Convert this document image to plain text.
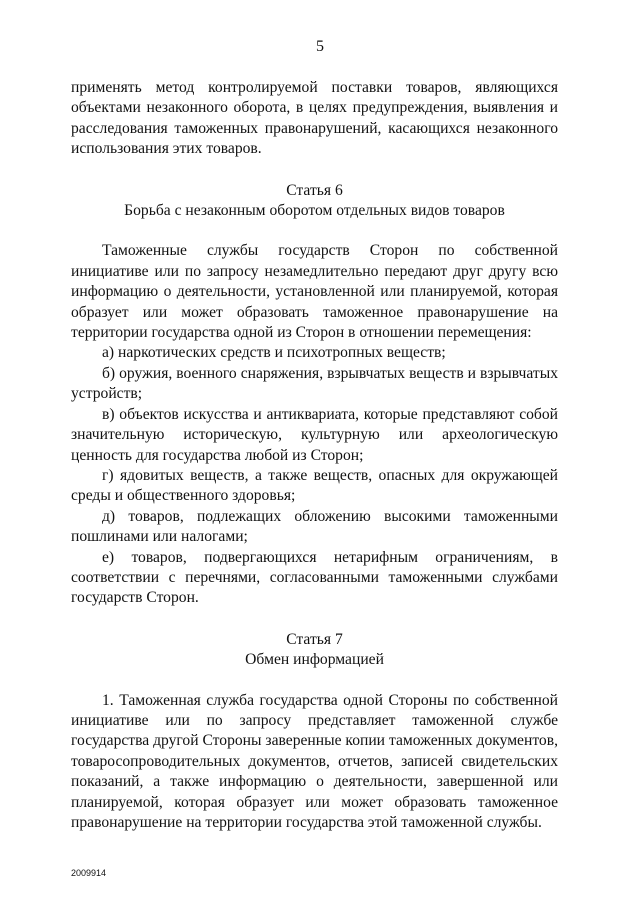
5

применять метод контролируемой поставки товаров, являющихся объектами незаконного оборота, в целях предупреждения, выявления и расследования таможенных правонарушений, касающихся незаконного использования этих товаров.

Статья 6

Борьба с незаконным оборотом отдельных видов товаров

Таможенные службы государств Сторон по собственной инициативе или по запросу незамедлительно передают друг другу всю информацию о деятельности, установленной или планируемой, которая образует или может образовать таможенное правонарушение на территории государства одной из Сторон в отношении перемещения:

а) наркотических средств и психотропных веществ;

б) оружия, военного снаряжения, взрывчатых веществ и взрывчатых устройств;

в) объектов искусства и антиквариата, которые представляют собой значительную историческую, культурную или археологическую ценность для государства любой из Сторон;

г) ядовитых веществ, а также веществ, опасных для окружающей среды и общественного здоровья;

д) товаров, подлежащих обложению высокими таможенными пошлинами или налогами;

е) товаров, подвергающихся нетарифным ограничениям, в соответствии с перечнями, согласованными таможенными службами государств Сторон.

Статья 7

Обмен информацией

1. Таможенная служба государства одной Стороны по собственной инициативе или по запросу представляет таможенной службе государства другой Стороны заверенные копии таможенных документов, товаросопроводительных документов, отчетов, записей свидетельских показаний, а также информацию о деятельности, завершенной или планируемой, которая образует или может образовать таможенное правонарушение на территории государства этой таможенной службы.

2009914
